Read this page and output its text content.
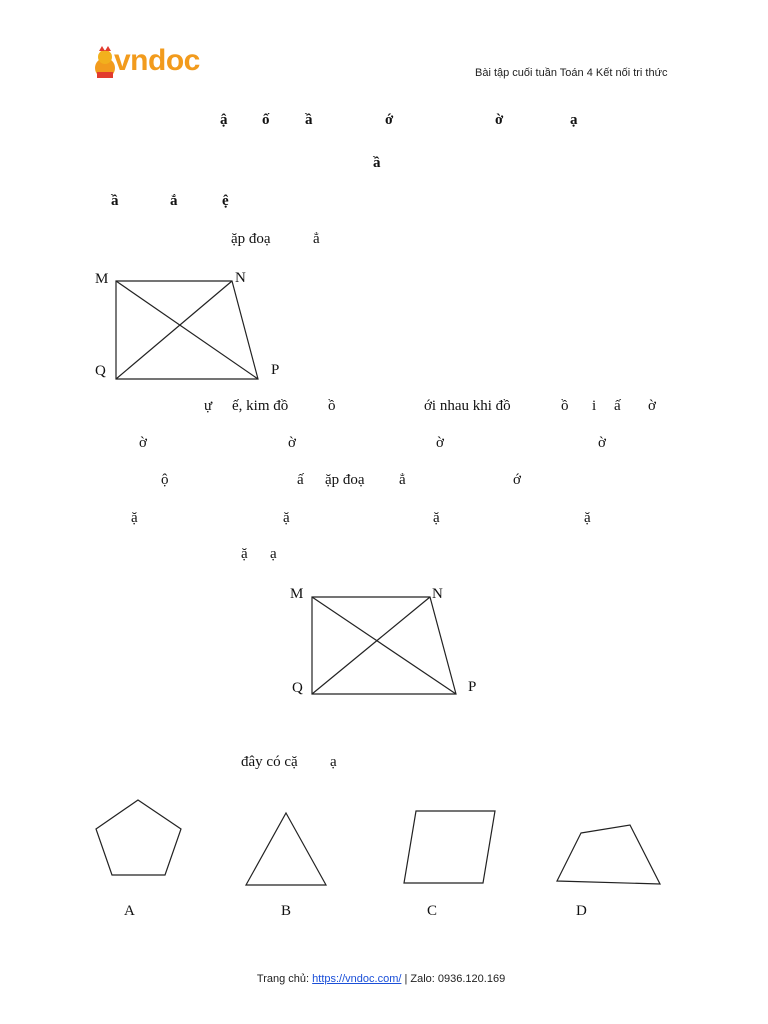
vndoc	Bài tập cuối tuần Toán 4 Kết nối tri thức
ậ ố ầ	ớ	ờ	ạ
ầ
ầ	ắ	ệ
ặp đoạ	ẳ
M	N
Q	P
ự ế, kim đồ	ồ	ới nhau khi đồ	ồ i ấ ờ
ờ	ờ	ờ	ờ
ộ	ấ ặp đoạ ẳ	ớ
ặ	ặ	ặ	ặ
ặ ạ
M	N
Q	P
đây có cặ ạ
A	B	C	D

Trang chủ: https://vndoc.com/ | Zalo: 0936.120.169
